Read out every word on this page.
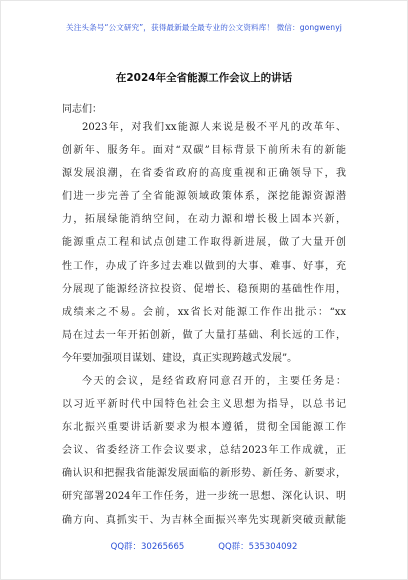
关注头条号“公文研究”，获得最新最全最专业的公文资料库！ 微信：gongwenyj
在2024年全省能源工作会议上的讲话
同志们：
2023年，对我们xx能源人来说是极不平凡的改革年、
创新年、服务年。面对“双碳”目标背景下前所未有的新能
源发展浪潮，在省委省政府的高度重视和正确领导下，我
们进一步完善了全省能源领域政策体系，深挖能源资源潜
力，拓展绿能消纳空间，在动力源和增长极上固本兴新，
能源重点工程和试点创建工作取得新进展，做了大量开创
性工作，办成了许多过去难以做到的大事、难事、好事，充
分展现了能源经济拉投资、促增长、稳预期的基础性作用，
成绩来之不易。会前，xx省长对能源工作作出批示：“xx
局在过去一年开拓创新，做了大量打基础、利长远的工作，
今年要加强项目谋划、建设，真正实现跨越式发展”。
今天的会议，是经省政府同意召开的，主要任务是：
以习近平新时代中国特色社会主义思想为指导，以总书记
东北振兴重要讲话新要求为根本遵循，贯彻全国能源工作
会议、省委经济工作会议要求，总结2023年工作成就，正
确认识和把握我省能源发展面临的新形势、新任务、新要求，
研究部署2024年工作任务，进一步统一思想、深化认识、明
确方向、真抓实干、为吉林全面振兴率先实现新突破贡献能
QQ群：30265665	QQ群：535304092
